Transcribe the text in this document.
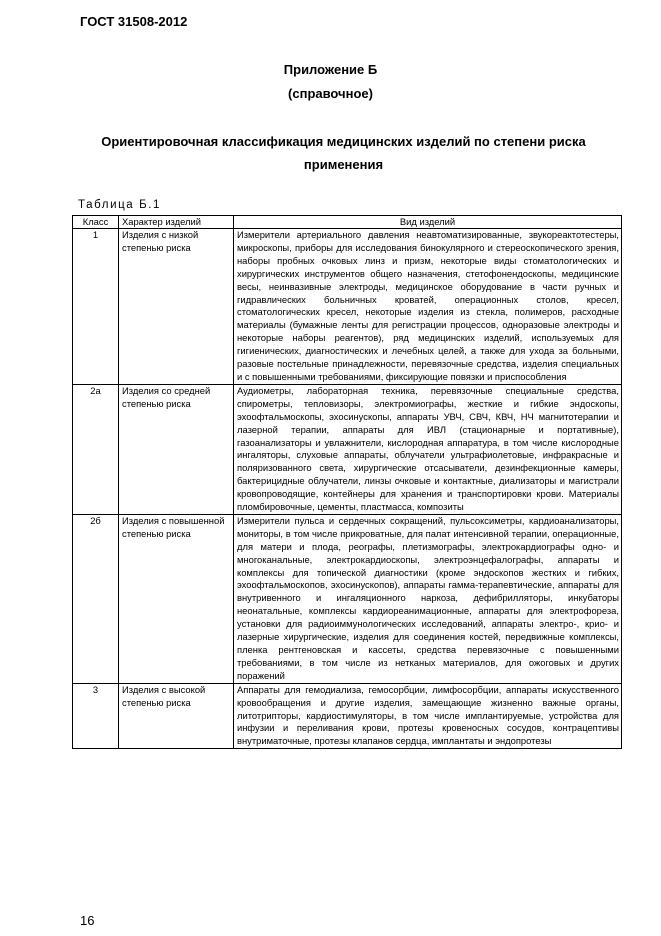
ГОСТ 31508-2012
Приложение Б
(справочное)
Ориентировочная классификация медицинских изделий по степени риска применения
Таблица Б.1
Класс	Характер изделий	Вид изделий
1	Изделия с низкой степенью риска	Измерители артериального давления неавтоматизированные, звукореактотестеры, микроскопы, приборы для исследования бинокулярного и стереоскопического зрения, наборы пробных очковых линз и призм, некоторые виды стоматологических и хирургических инструментов общего назначения, стетофонендоскопы, медицинские весы, неинвазивные электроды, медицинское оборудование в части ручных и гидравлических больничных кроватей, операционных столов, кресел, стоматологических кресел, некоторые изделия из стекла, полимеров, расходные материалы (бумажные ленты для регистрации процессов, одноразовые электроды и некоторые наборы реагентов), ряд медицинских изделий, используемых для гигиенических, диагностических и лечебных целей, а также для ухода за больными, разовые постельные принадлежности, перевязочные средства, изделия специальных и с повышенными требованиями, фиксирующие повязки и приспособления
2а	Изделия со средней степенью риска	Аудиометры, лабораторная техника, перевязочные специальные средства, спирометры, тепловизоры, электромиографы, жесткие и гибкие эндоскопы, эхоофтальмоскопы, эхосинускопы, аппараты УВЧ, СВЧ, КВЧ, НЧ магнитотерапии и лазерной терапии, аппараты для ИВЛ (стационарные и портативные), газоанализаторы и увлажнители, кислородная аппаратура, в том числе кислородные ингаляторы, слуховые аппараты, облучатели ультрафиолетовые, инфракрасные и поляризованного света, хирургические отсасыватели, дезинфекционные камеры, бактерицидные облучатели, линзы очковые и контактные, диализаторы и магистрали кровопроводящие, контейнеры для хранения и транспортировки крови. Материалы пломбировочные, цементы, пластмасса, композиты
2б	Изделия с повышенной степенью риска	Измерители пульса и сердечных сокращений, пульсоксиметры, кардиоанализаторы, мониторы, в том числе прикроватные, для палат интенсивной терапии, операционные, для матери и плода, реографы, плетизмографы, электрокардиографы одно- и многоканальные, электрокардиоскопы, электроэнцефалографы, аппараты и комплексы для топической диагностики (кроме эндоскопов жестких и гибких, эхоофтальмоскопов, эхосинускопов), аппараты гамма-терапевтические, аппараты для внутривенного и ингаляционного наркоза, дефибрилляторы, инкубаторы неонатальные, комплексы кардиореанимационные, аппараты для электрофореза, установки для радиоиммунологических исследований, аппараты электро-, крио- и лазерные хирургические, изделия для соединения костей, передвижные комплексы, пленка рентгеновская и кассеты, средства перевязочные с повышенными требованиями, в том числе из нетканых материалов, для ожоговых и других поражений
3	Изделия с высокой степенью риска	Аппараты для гемодиализа, гемосорбции, лимфосорбции, аппараты искусственного кровообращения и другие изделия, замещающие жизненно важные органы, литотрипторы, кардиостимуляторы, в том числе имплантируемые, устройства для инфузии и переливания крови, протезы кровеносных сосудов, контрацептивы внутриматочные, протезы клапанов сердца, имплантаты и эндопротезы
16
